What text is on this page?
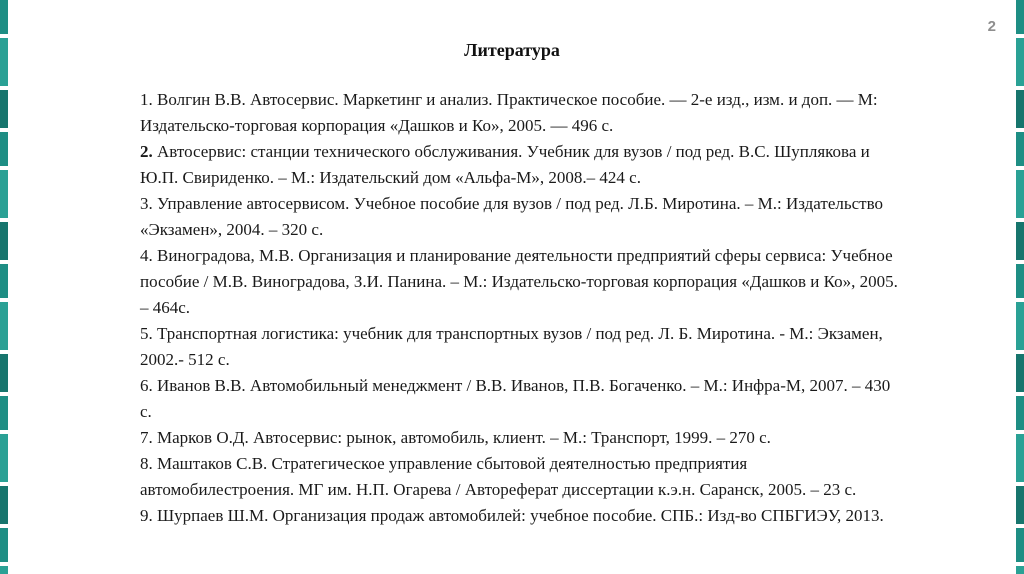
2
Литература

1. Волгин В.В. Автосервис. Маркетинг и анализ. Практическое пособие. — 2-е изд., изм. и доп. — М: Издательско-торговая корпорация «Дашков и Ко», 2005. — 496 с.

2. Автосервис: станции технического обслуживания. Учебник для вузов / под ред. В.С. Шуплякова и Ю.П. Свириденко. – М.: Издательский дом «Альфа-М», 2008.– 424 с.

3. Управление автосервисом. Учебное пособие для вузов / под ред. Л.Б. Миротина. – М.: Издательство «Экзамен», 2004. – 320 с.

4. Виноградова, М.В. Организация и планирование деятельности предприятий сферы сервиса: Учебное пособие / М.В. Виноградова, З.И. Панина. – М.: Издательско-торговая корпорация «Дашков и Ко», 2005. – 464с.

5. Транспортная логистика: учебник для транспортных вузов / под ред. Л. Б. Миротина. - М.: Экзамен, 2002.- 512 с.

6. Иванов В.В. Автомобильный менеджмент / В.В. Иванов, П.В. Богаченко. – М.: Инфра-М, 2007. – 430 с.

7. Марков О.Д. Автосервис: рынок, автомобиль, клиент. – М.: Транспорт, 1999. – 270 с.

8. Маштаков С.В. Стратегическое управление сбытовой деятелностью предприятия автомобилестроения. МГ им. Н.П. Огарева / Автореферат диссертации к.э.н. Саранск, 2005. – 23 с.

9. Шурпаев Ш.М. Организация продаж автомобилей: учебное пособие. СПБ.: Изд-во СПБГИЭУ, 2013.
